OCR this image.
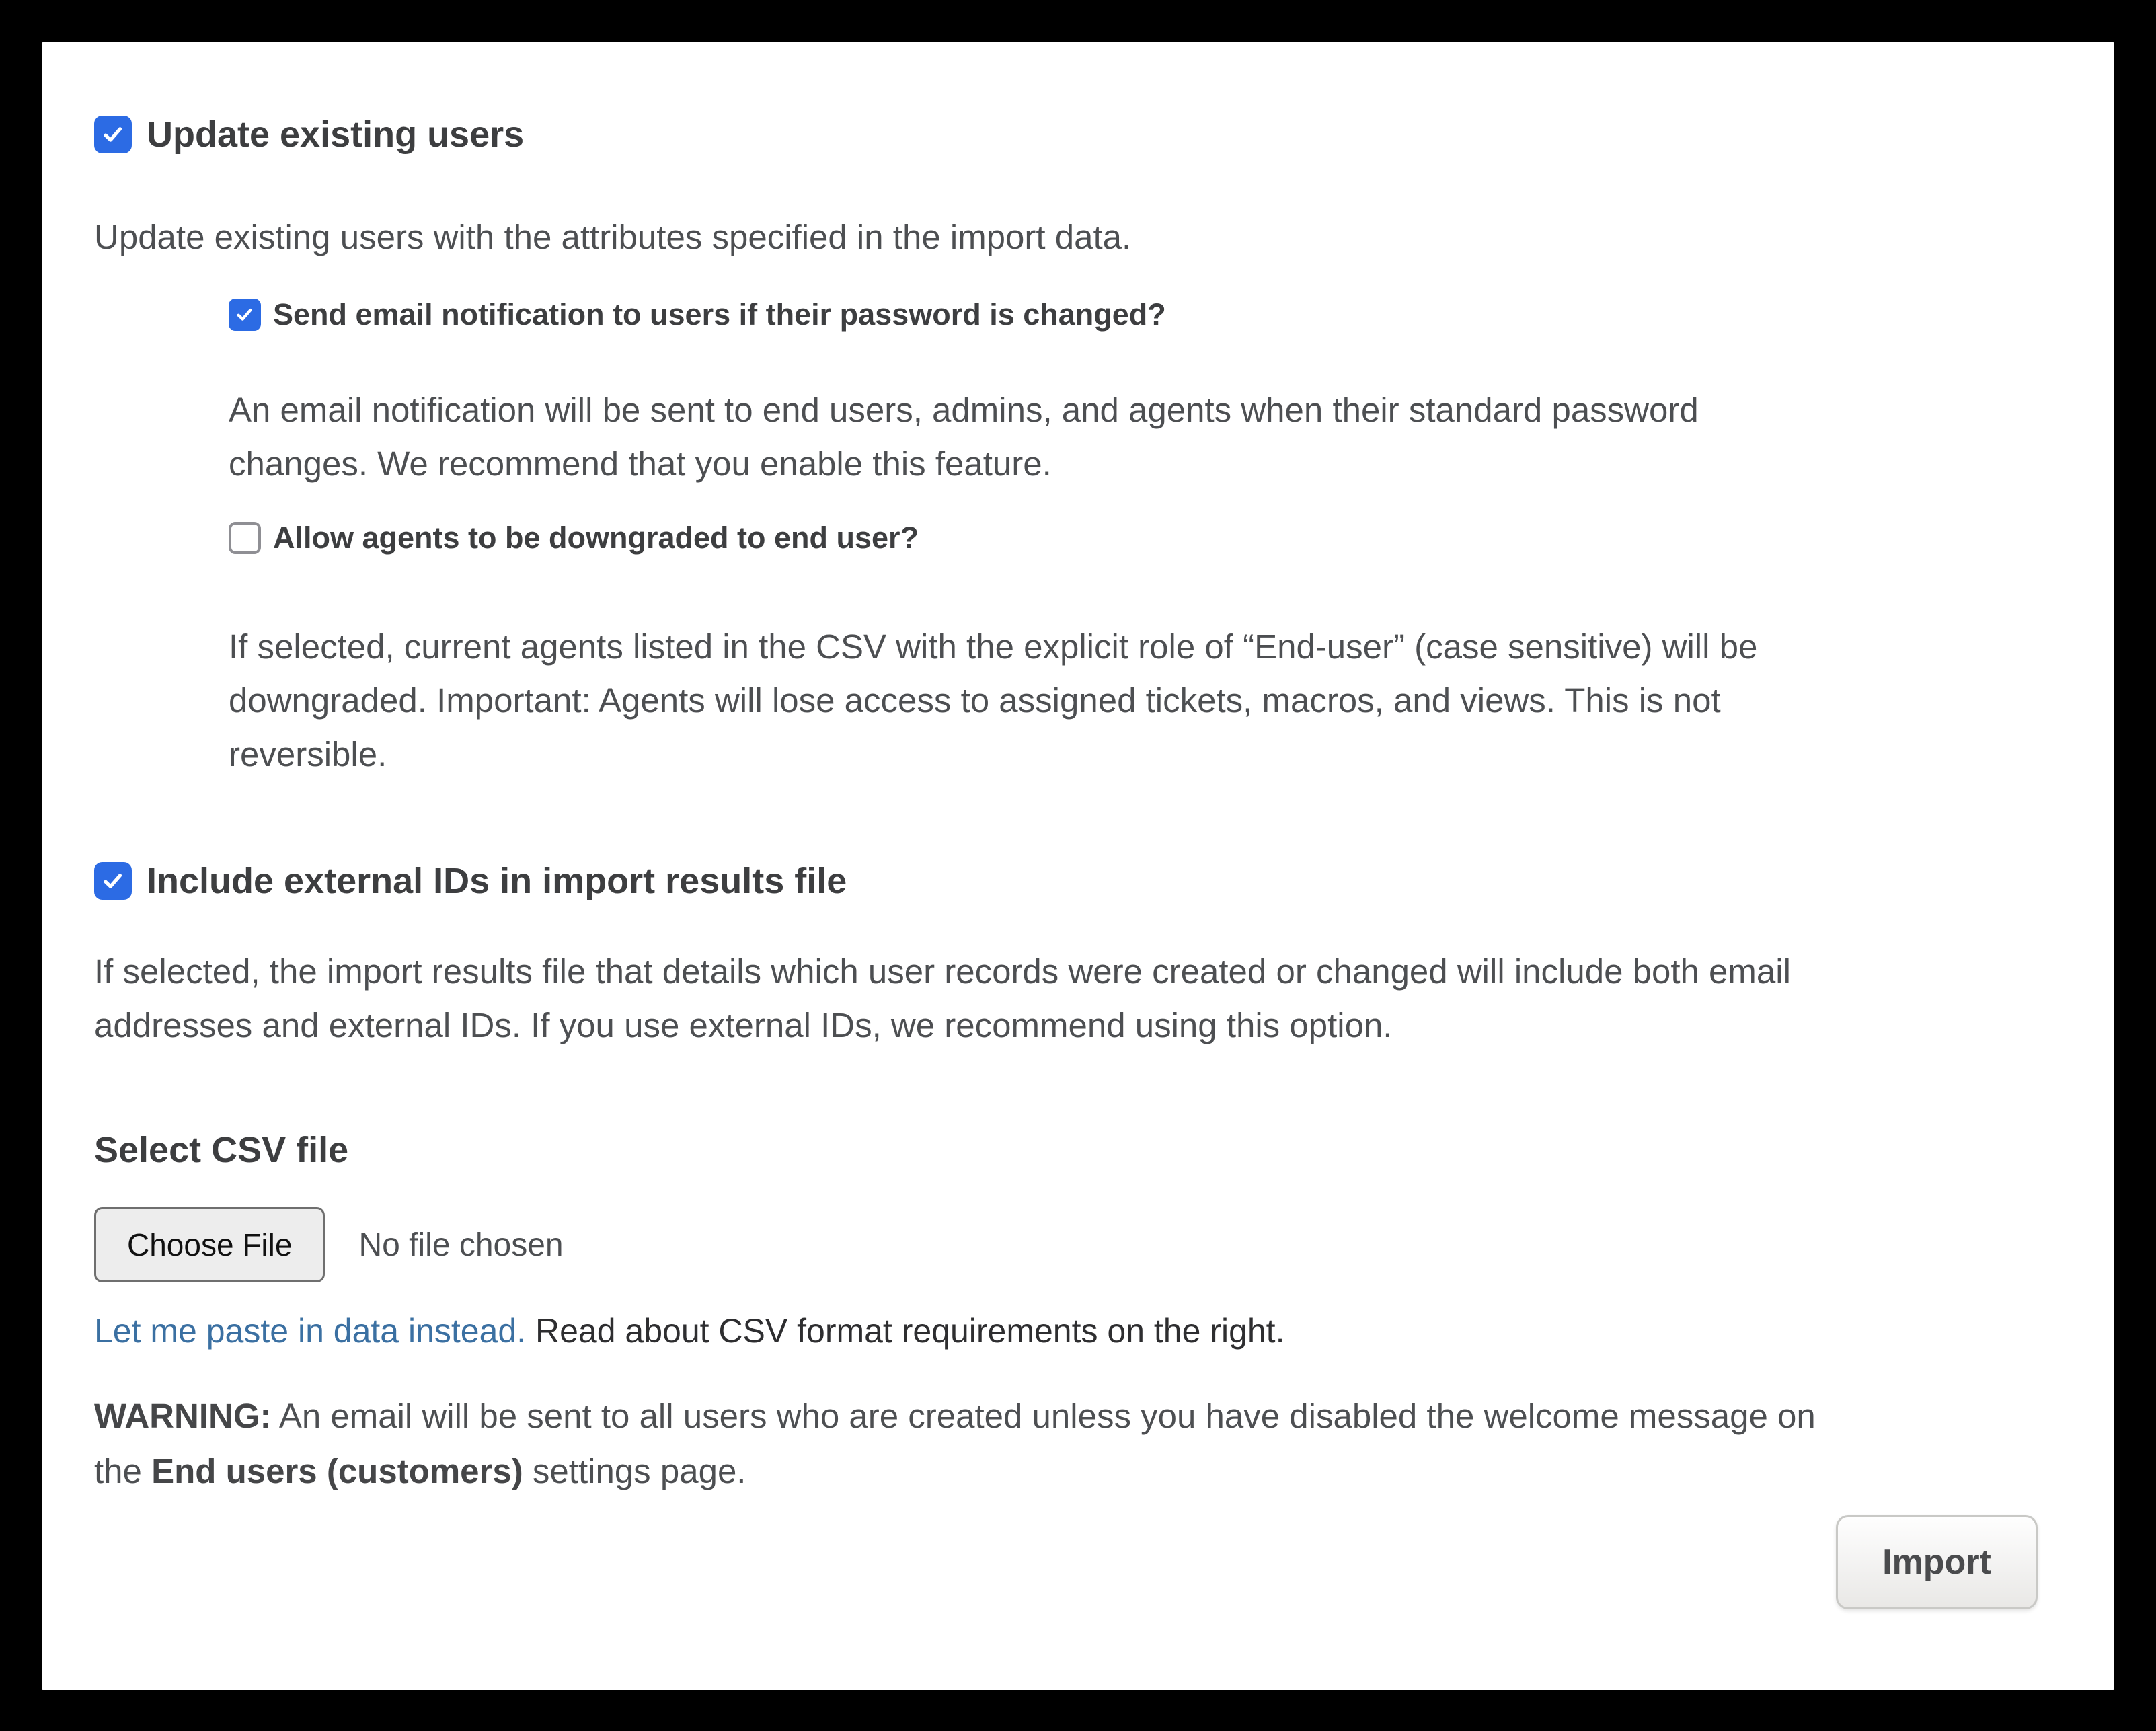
Update existing users
Update existing users with the attributes specified in the import data.
Send email notification to users if their password is changed?
An email notification will be sent to end users, admins, and agents when their standard password
changes. We recommend that you enable this feature.
Allow agents to be downgraded to end user?
If selected, current agents listed in the CSV with the explicit role of “End-user” (case sensitive) will be
downgraded. Important: Agents will lose access to assigned tickets, macros, and views. This is not
reversible.
Include external IDs in import results file
If selected, the import results file that details which user records were created or changed will include both email
addresses and external IDs. If you use external IDs, we recommend using this option.
Select CSV file
Choose File	No file chosen

Let me paste in data instead. Read about CSV format requirements on the right.

WARNING: An email will be sent to all users who are created unless you have disabled the welcome message on
the End users (customers) settings page.
Import
